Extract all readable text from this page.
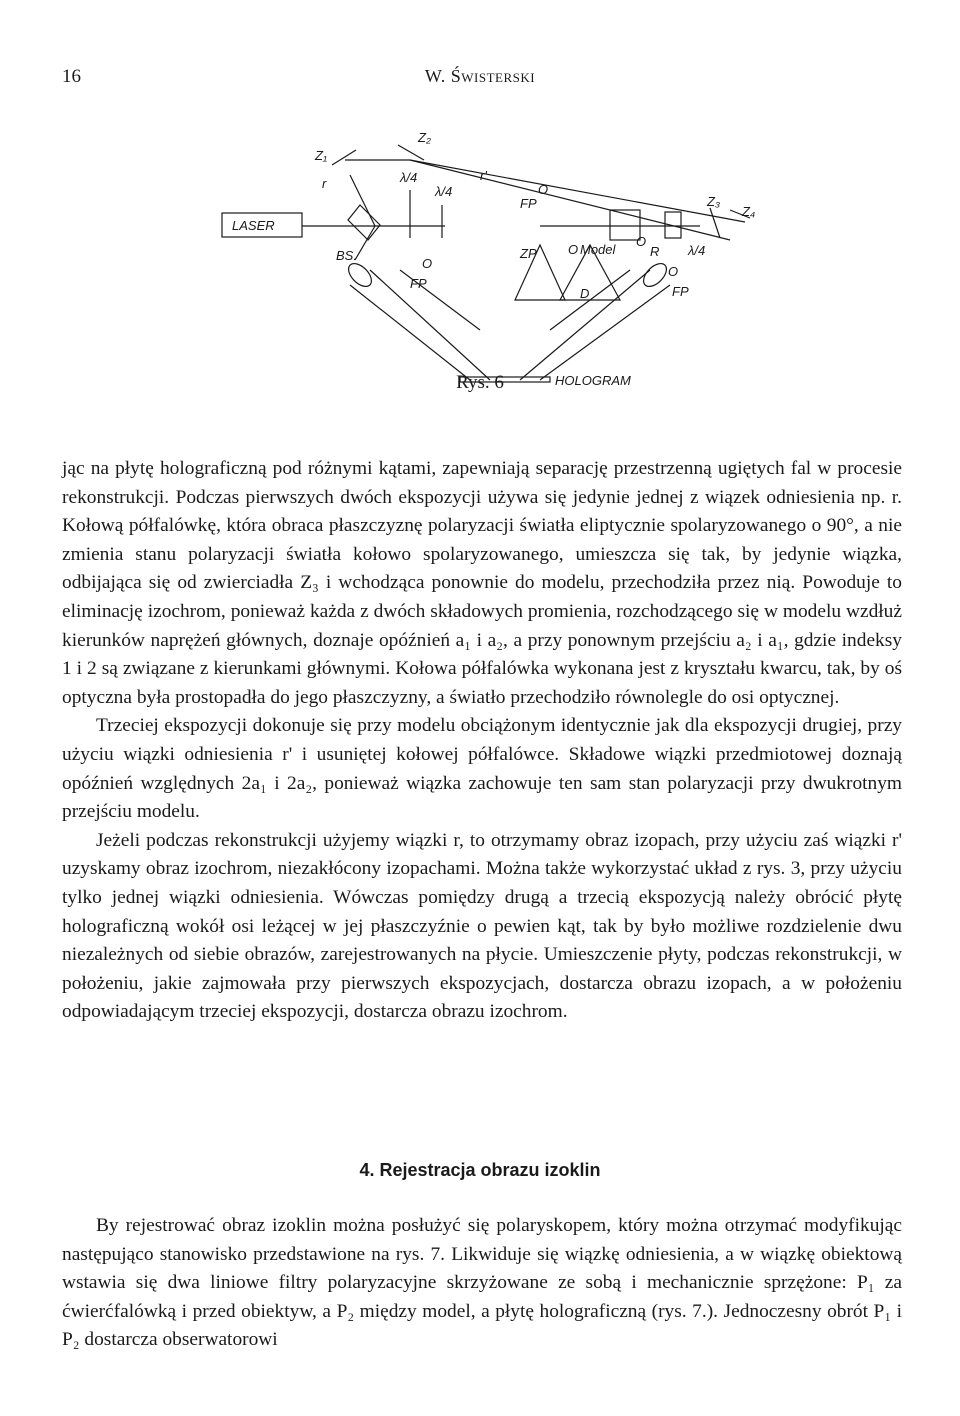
16	W. Świsterski
LASER
BS.
Z₁
Z₂
Z₃
Z₄
r
r'
λ/4
λ/4
λ/4
O
FP
O
FP
ZP O Model
D
O
R
O
FP
HOLOGRAM
Rys. 6

jąc na płytę holograficzną pod różnymi kątami, zapewniają separację przestrzenną ugiętych fal w procesie rekonstrukcji. Podczas pierwszych dwóch ekspozycji używa się jedynie jednej z wiązek odniesienia np. r. Kołową półfalówkę, która obraca płaszczyznę polaryzacji światła eliptycznie spolaryzowanego o 90°, a nie zmienia stanu polaryzacji światła kołowo spolaryzowanego, umieszcza się tak, by jedynie wiązka, odbijająca się od zwierciadła Z₃ i wchodząca ponownie do modelu, przechodziła przez nią. Powoduje to eliminację izochrom, ponieważ każda z dwóch składowych promienia, rozchodzącego się w modelu wzdłuż kierunków naprężeń głównych, doznaje opóźnień a₁ i a₂, a przy ponownym przejściu a₂ i a₁, gdzie indeksy 1 i 2 są związane z kierunkami głównymi. Kołowa półfalówka wykonana jest z kryształu kwarcu, tak, by oś optyczna była prostopadła do jego płaszczyzny, a światło przechodziło równolegle do osi optycznej.

Trzeciej ekspozycji dokonuje się przy modelu obciążonym identycznie jak dla ekspozycji drugiej, przy użyciu wiązki odniesienia r' i usuniętej kołowej półfalówce. Składowe wiązki przedmiotowej doznają opóźnień względnych 2a₁ i 2a₂, ponieważ wiązka zachowuje ten sam stan polaryzacji przy dwukrotnym przejściu modelu.

Jeżeli podczas rekonstrukcji użyjemy wiązki r, to otrzymamy obraz izopach, przy użyciu zaś wiązki r' uzyskamy obraz izochrom, niezakłócony izopachami. Można także wykorzystać układ z rys. 3, przy użyciu tylko jednej wiązki odniesienia. Wówczas pomiędzy drugą a trzecią ekspozycją należy obrócić płytę holograficzną wokół osi leżącej w jej płaszczyźnie o pewien kąt, tak by było możliwe rozdzielenie dwu niezależnych od siebie obrazów, zarejestrowanych na płycie. Umieszczenie płyty, podczas rekonstrukcji, w położeniu, jakie zajmowała przy pierwszych ekspozycjach, dostarcza obrazu izopach, a w położeniu odpowiadającym trzeciej ekspozycji, dostarcza obrazu izochrom.

4. Rejestracja obrazu izoklin

By rejestrować obraz izoklin można posłużyć się polaryskopem, który można otrzymać modyfikując następująco stanowisko przedstawione na rys. 7. Likwiduje się wiązkę odniesienia, a w wiązkę obiektową wstawia się dwa liniowe filtry polaryzacyjne skrzyżowane ze sobą i mechanicznie sprzężone: P₁ za ćwierćfalówką i przed obiektyw, a P₂ między model, a płytę holograficzną (rys. 7.). Jednoczesny obrót P₁ i P₂ dostarcza obserwatorowi
